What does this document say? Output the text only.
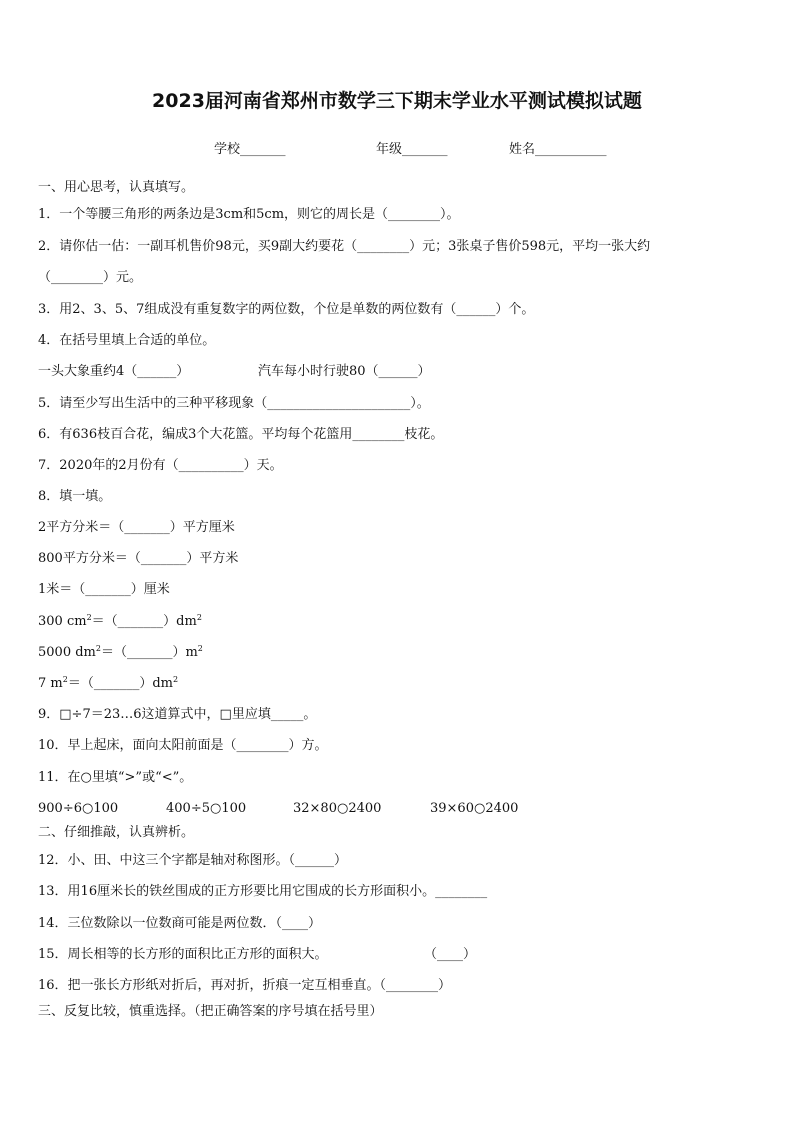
2023届河南省郑州市数学三下期末学业水平测试模拟试题
学校_______	年级_______	姓名___________
一、用心思考，认真填写。
1．一个等腰三角形的两条边是3cm和5cm，则它的周长是（________）。
2．请你估一估：一副耳机售价98元，买9副大约要花（________）元；3张桌子售价598元，平均一张大约
（________）元。
3．用2、3、5、7组成没有重复数字的两位数，个位是单数的两位数有（______）个。
4．在括号里填上合适的单位。
一头大象重约4（______）	汽车每小时行驶80（______）
5．请至少写出生活中的三种平移现象（______________________）。
6．有636枝百合花，编成3个大花篮。平均每个花篮用________枝花。
7．2020年的2月份有（__________）天。
8．填一填。
2平方分米＝（_______）平方厘米
800平方分米＝（_______）平方米
1米＝（_______）厘米
300 $cm^2=(\_\_\_\_\_\_\_)dm^2$
5000 $dm^2=(\_\_\_\_\_\_\_)m^2$
7 $m^2=(\_\_\_\_\_\_\_)dm^2$
9．□÷7＝23…6这道算式中，□里应填_____。
10．早上起床，面向太阳前面是（________）方。
11．在○里填“>”或“<”。
900÷6○100	400÷5○100	32×80○2400	39×60○2400
二、仔细推敲，认真辨析。
12．小、田、中这三个字都是轴对称图形。（______）
13．用16厘米长的铁丝围成的正方形要比用它围成的长方形面积小。________
14．三位数除以一位数商可能是两位数．（____）
15．周长相等的长方形的面积比正方形的面积大。	（____）
16．把一张长方形纸对折后，再对折，折痕一定互相垂直。（________）
三、反复比较，慎重选择。（把正确答案的序号填在括号里）
